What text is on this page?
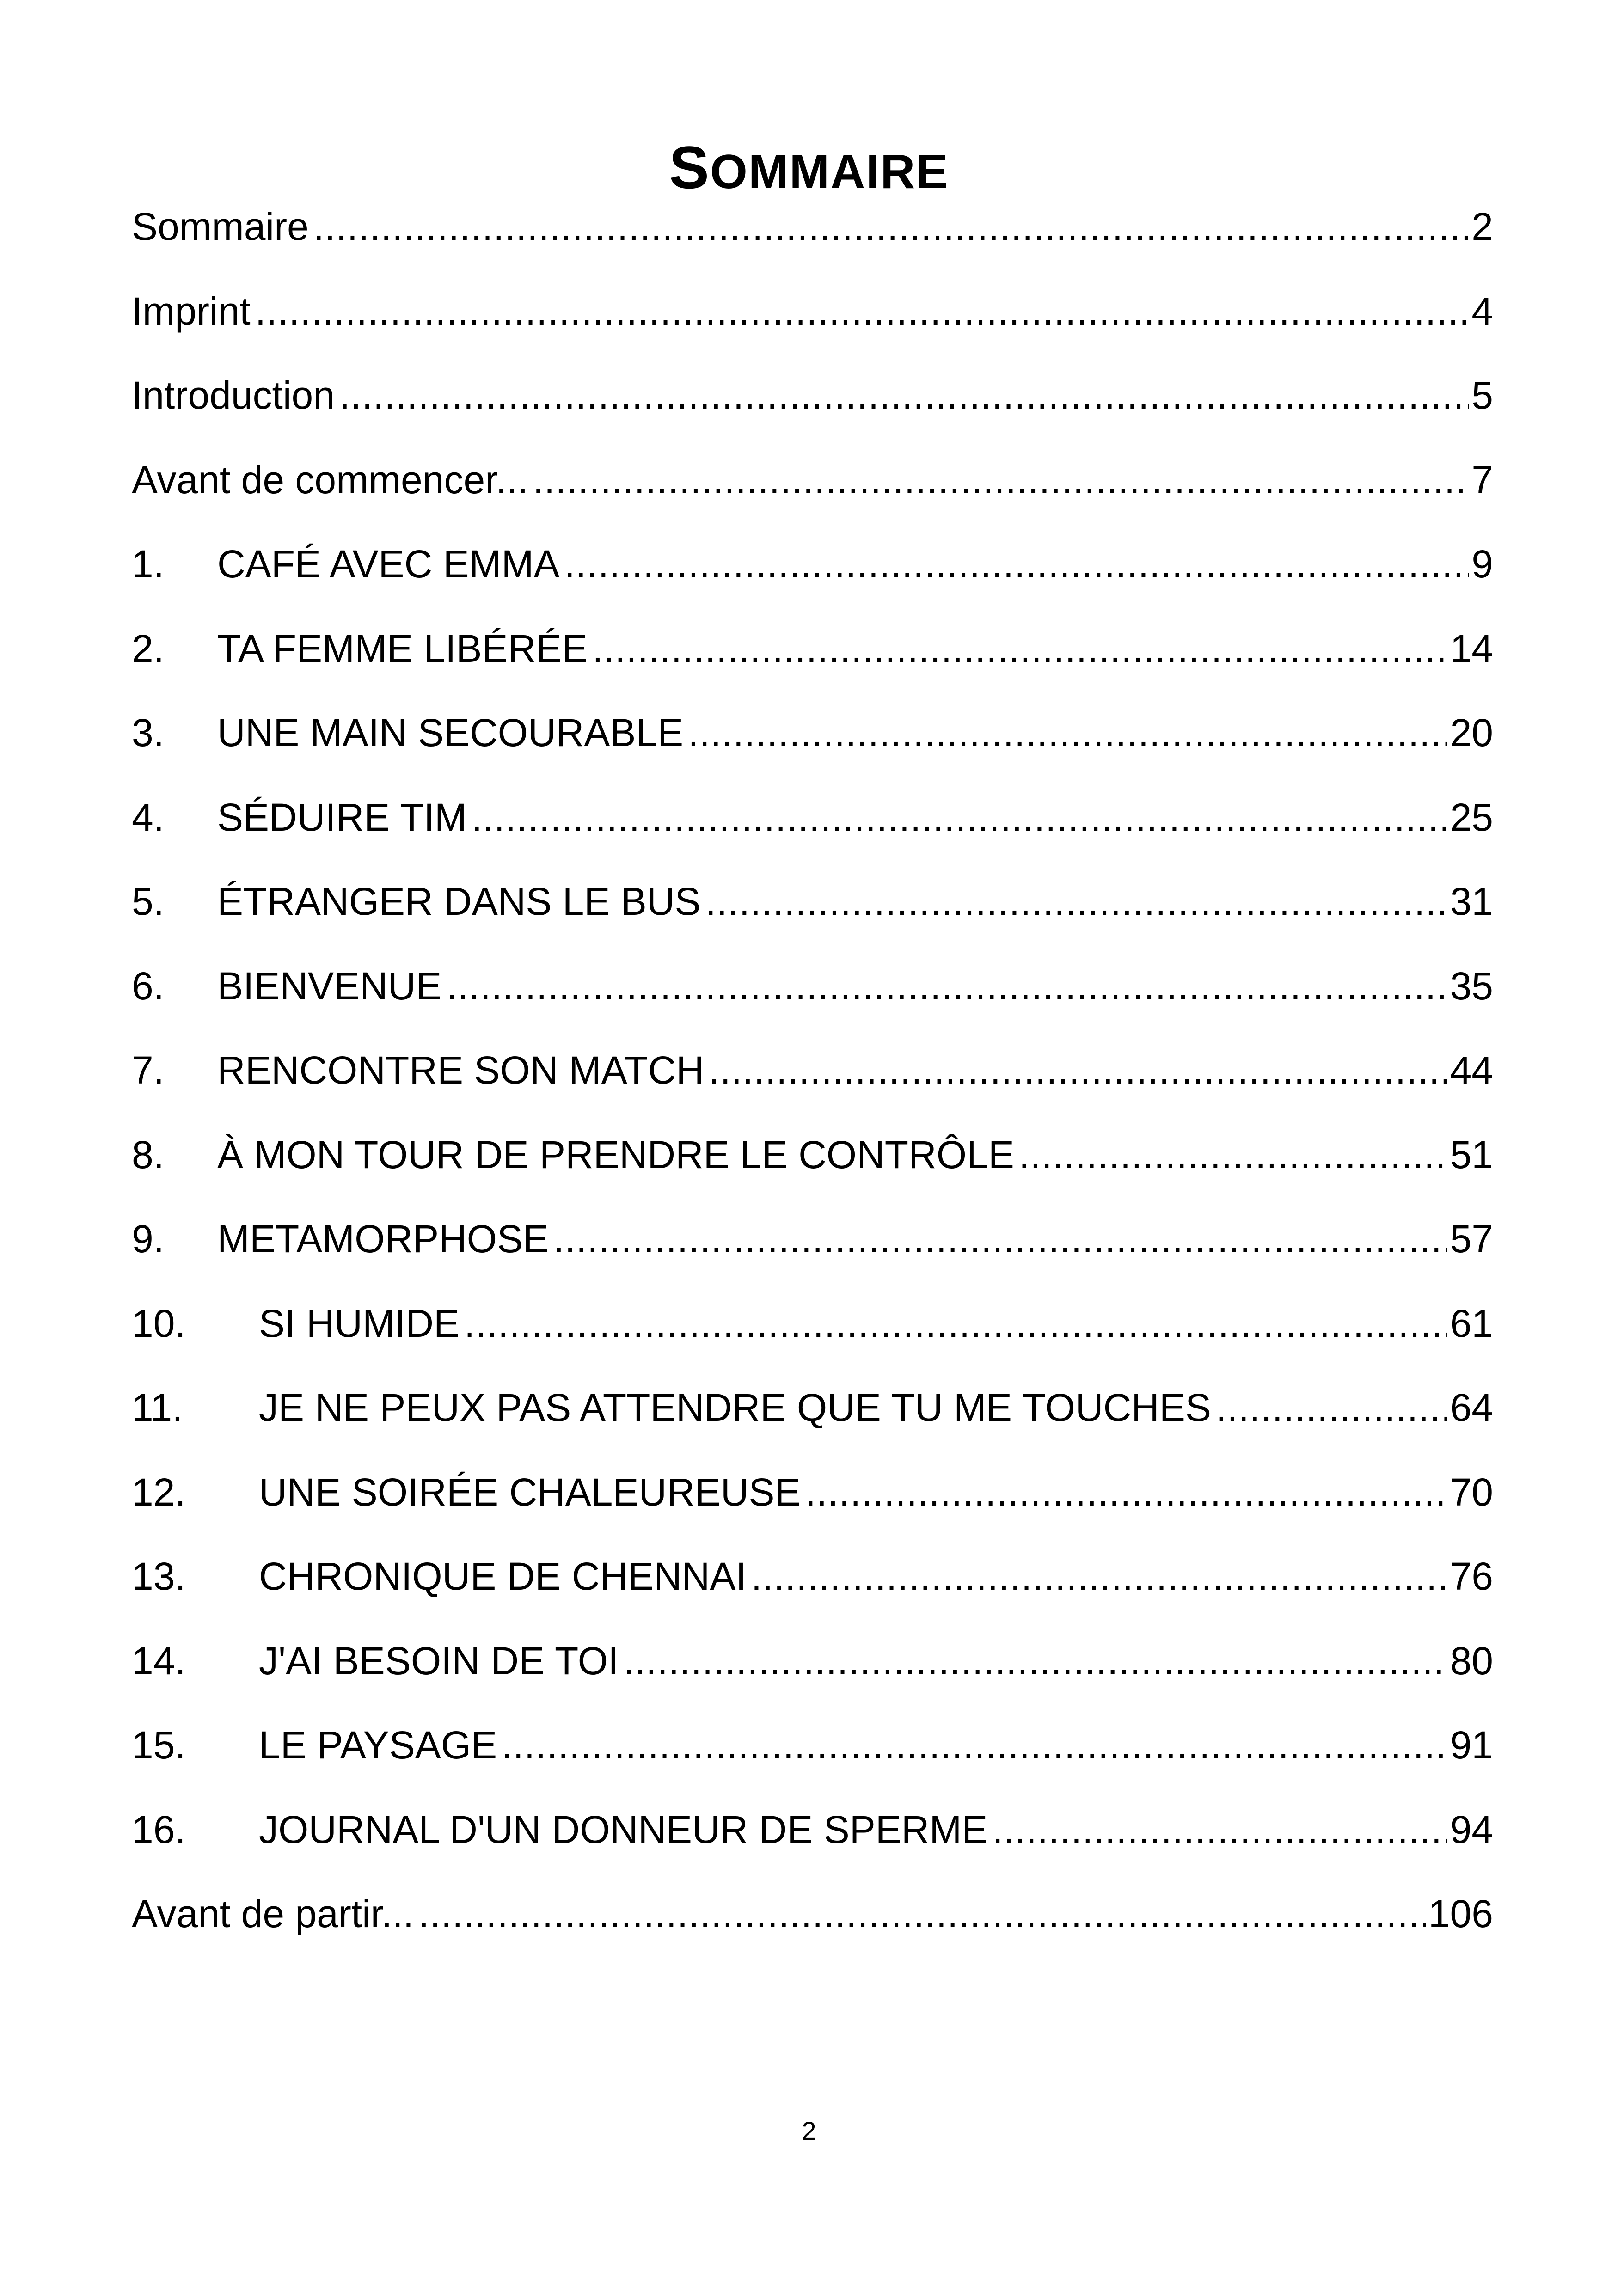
SOMMAIRE
Sommaire .....	2
Imprint .....	4
Introduction .....	5
Avant de commencer... .....	7
1.	CAFÉ AVEC EMMA .....	9
2.	TA FEMME LIBÉRÉE .....	14
3.	UNE MAIN SECOURABLE .....	20
4.	SÉDUIRE TIM .....	25
5.	ÉTRANGER DANS LE BUS .....	31
6.	BIENVENUE .....	35
7.	RENCONTRE SON MATCH .....	44
8.	À MON TOUR DE PRENDRE LE CONTRÔLE .....	51
9.	METAMORPHOSE .....	57
10.	SI HUMIDE .....	61
11.	JE NE PEUX PAS ATTENDRE QUE TU ME TOUCHES .....	64
12.	UNE SOIRÉE CHALEUREUSE .....	70
13.	CHRONIQUE DE CHENNAI .....	76
14.	J'AI BESOIN DE TOI .....	80
15.	LE PAYSAGE .....	91
16.	JOURNAL D'UN DONNEUR DE SPERME .....	94
Avant de partir... .....	106
2
